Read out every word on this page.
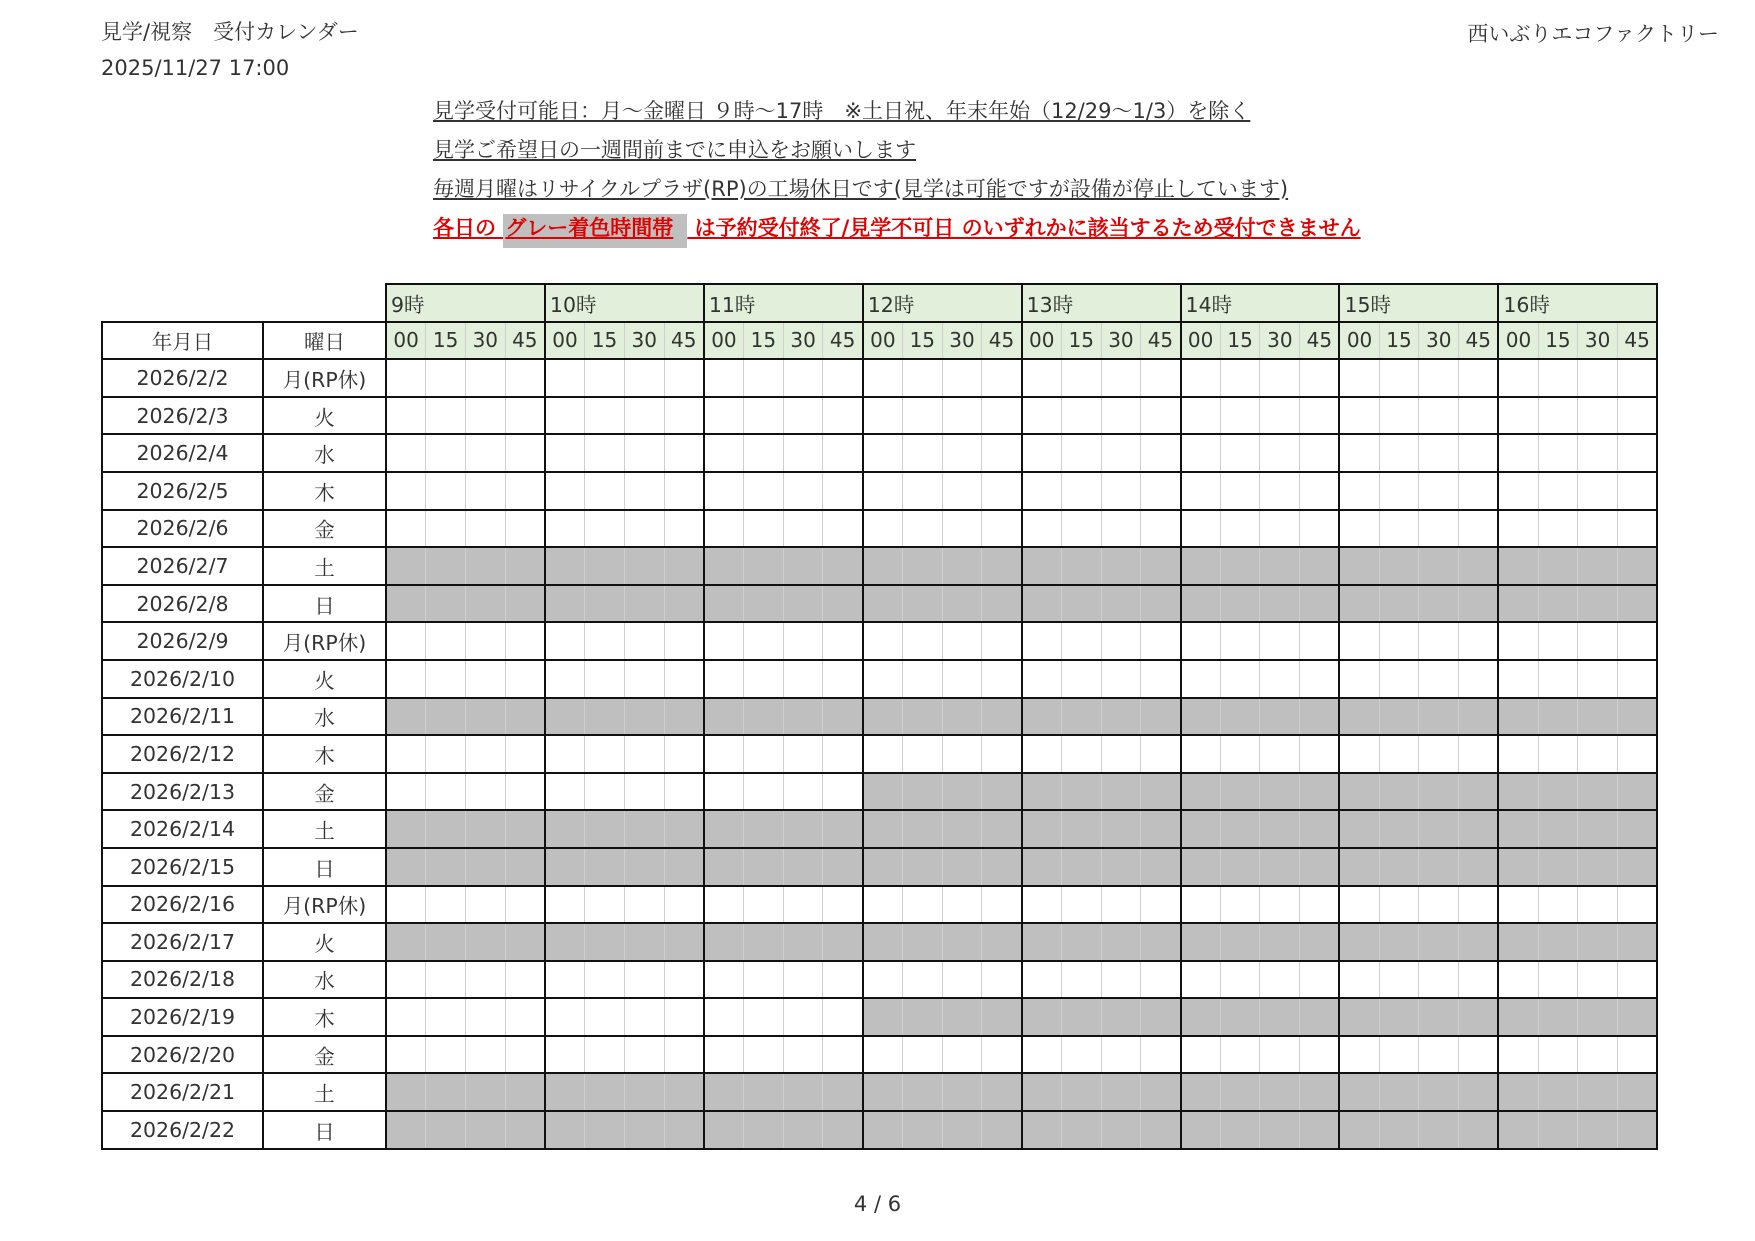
見学/視察　受付カレンダー
2025/11/27 17:00
西いぶりエコファクトリー
見学受付可能日：月〜金曜日 ９時〜17時　※土日祝、年末年始（12/29〜1/3）を除く
見学ご希望日の一週間前までに申込をお願いします
毎週月曜はリサイクルプラザ(RP)の工場休日です(見学は可能ですが設備が停止しています)
各日の グレー着色時間帯 は予約受付終了/見学不可日 のいずれかに該当するため受付できません
		9時				10時				11時				12時				13時				14時				15時				16時			
年月日	曜日	00	15	30	45	00	15	30	45	00	15	30	45	00	15	30	45	00	15	30	45	00	15	30	45	00	15	30	45	00	15	30	45
2026/2/2	月(RP休)																																
2026/2/3	火																																
2026/2/4	水																																
2026/2/5	木																																
2026/2/6	金																																
2026/2/7	土																																
2026/2/8	日																																
2026/2/9	月(RP休)																																
2026/2/10	火																																
2026/2/11	水																																
2026/2/12	木																																
2026/2/13	金																																
2026/2/14	土																																
2026/2/15	日																																
2026/2/16	月(RP休)																																
2026/2/17	火																																
2026/2/18	水																																
2026/2/19	木																																
2026/2/20	金																																
2026/2/21	土																																
2026/2/22	日																																
4 / 6
